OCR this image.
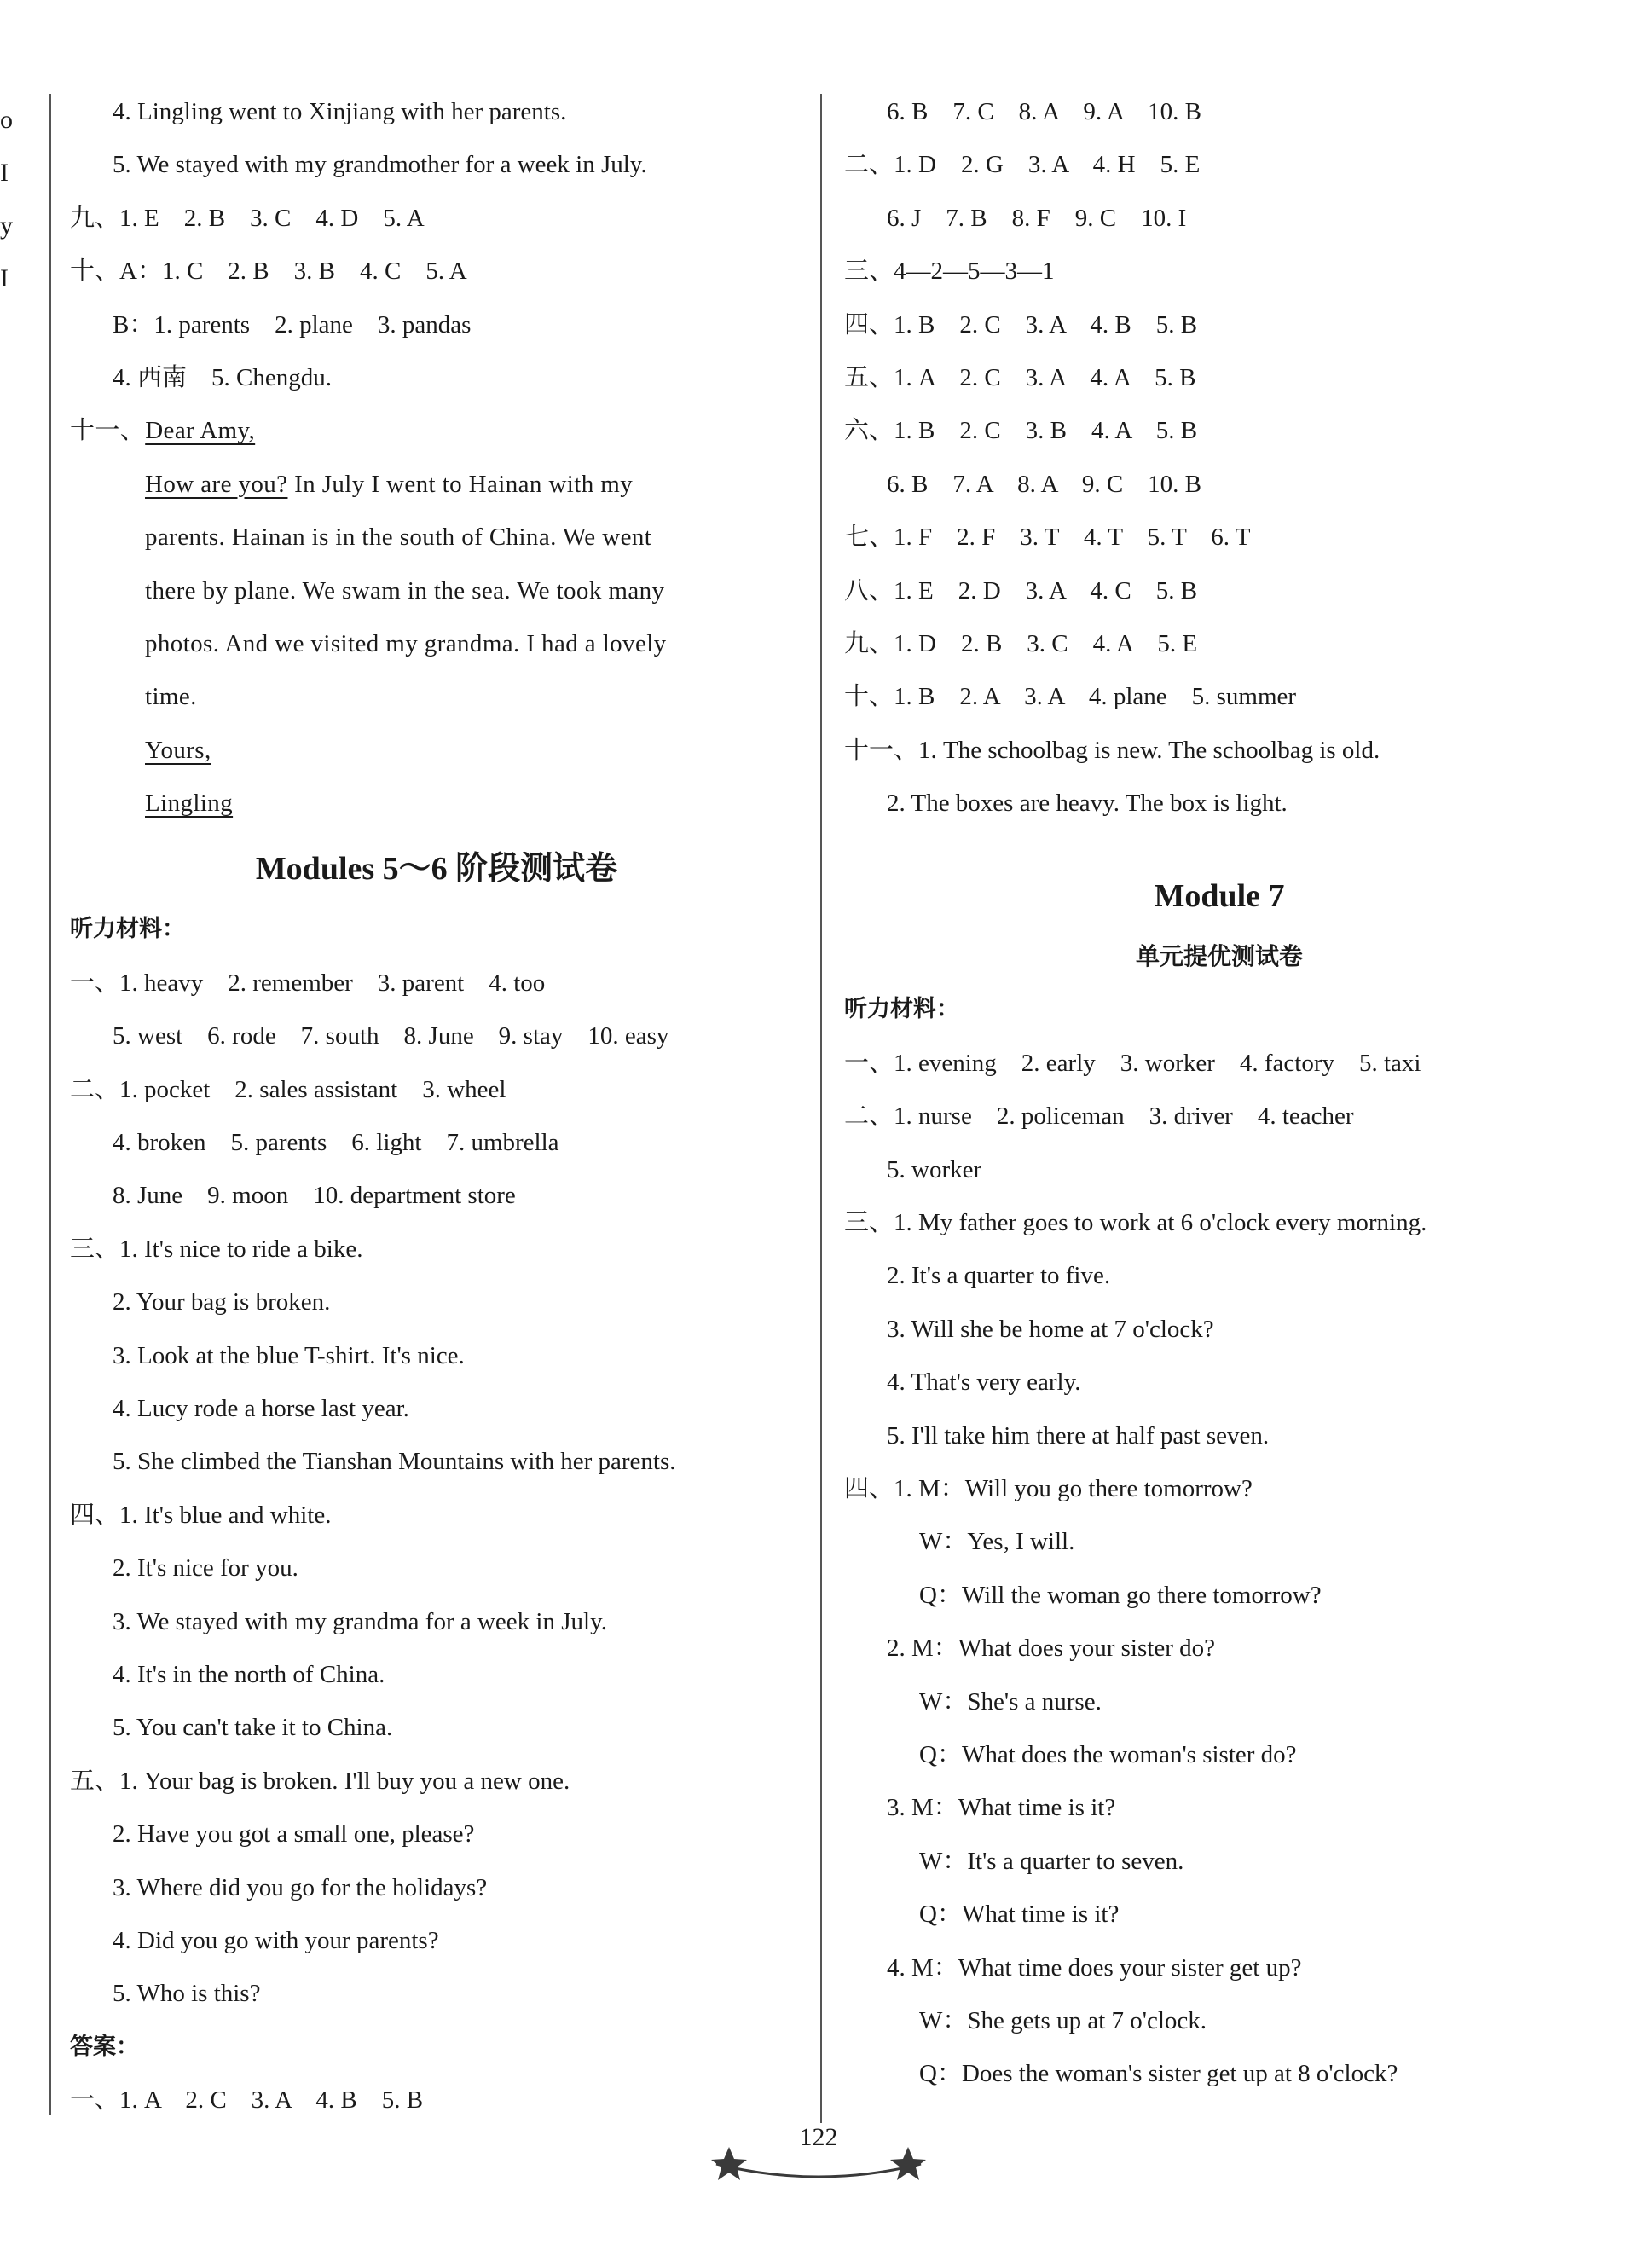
o
I
y
I
4. Lingling went to Xinjiang with her parents.
5. We stayed with my grandmother for a week in July.
九、1. E　2. B　3. C　4. D　5. A
十、A：1. C　2. B　3. B　4. C　5. A
B：1. parents　2. plane　3. pandas
4. 西南　5. Chengdu.
十一、Dear Amy,
How are you? In July I went to Hainan with my
parents. Hainan is in the south of China. We went
there by plane. We swam in the sea. We took many
photos. And we visited my grandma. I had a lovely
time.
Yours,
Lingling
Modules 5～6 阶段测试卷
听力材料：
一、1. heavy　2. remember　3. parent　4. too
5. west　6. rode　7. south　8. June　9. stay　10. easy
二、1. pocket　2. sales assistant　3. wheel
4. broken　5. parents　6. light　7. umbrella
8. June　9. moon　10. department store
三、1. It's nice to ride a bike.
2. Your bag is broken.
3. Look at the blue T-shirt. It's nice.
4. Lucy rode a horse last year.
5. She climbed the Tianshan Mountains with her parents.
四、1. It's blue and white.
2. It's nice for you.
3. We stayed with my grandma for a week in July.
4. It's in the north of China.
5. You can't take it to China.
五、1. Your bag is broken. I'll buy you a new one.
2. Have you got a small one, please?
3. Where did you go for the holidays?
4. Did you go with your parents?
5. Who is this?
答案：
一、1. A　2. C　3. A　4. B　5. B
6. B　7. C　8. A　9. A　10. B
二、1. D　2. G　3. A　4. H　5. E
6. J　7. B　8. F　9. C　10. I
三、4—2—5—3—1
四、1. B　2. C　3. A　4. B　5. B
五、1. A　2. C　3. A　4. A　5. B
六、1. B　2. C　3. B　4. A　5. B
6. B　7. A　8. A　9. C　10. B
七、1. F　2. F　3. T　4. T　5. T　6. T
八、1. E　2. D　3. A　4. C　5. B
九、1. D　2. B　3. C　4. A　5. E
十、1. B　2. A　3. A　4. plane　5. summer
十一、1. The schoolbag is new. The schoolbag is old.
2. The boxes are heavy. The box is light.
Module 7
单元提优测试卷
听力材料：
一、1. evening　2. early　3. worker　4. factory　5. taxi
二、1. nurse　2. policeman　3. driver　4. teacher
5. worker
三、1. My father goes to work at 6 o'clock every morning.
2. It's a quarter to five.
3. Will she be home at 7 o'clock?
4. That's very early.
5. I'll take him there at half past seven.
四、1. M：Will you go there tomorrow?
W：Yes, I will.
Q：Will the woman go there tomorrow?
2. M：What does your sister do?
W：She's a nurse.
Q：What does the woman's sister do?
3. M：What time is it?
W：It's a quarter to seven.
Q：What time is it?
4. M：What time does your sister get up?
W：She gets up at 7 o'clock.
Q：Does the woman's sister get up at 8 o'clock?
122
